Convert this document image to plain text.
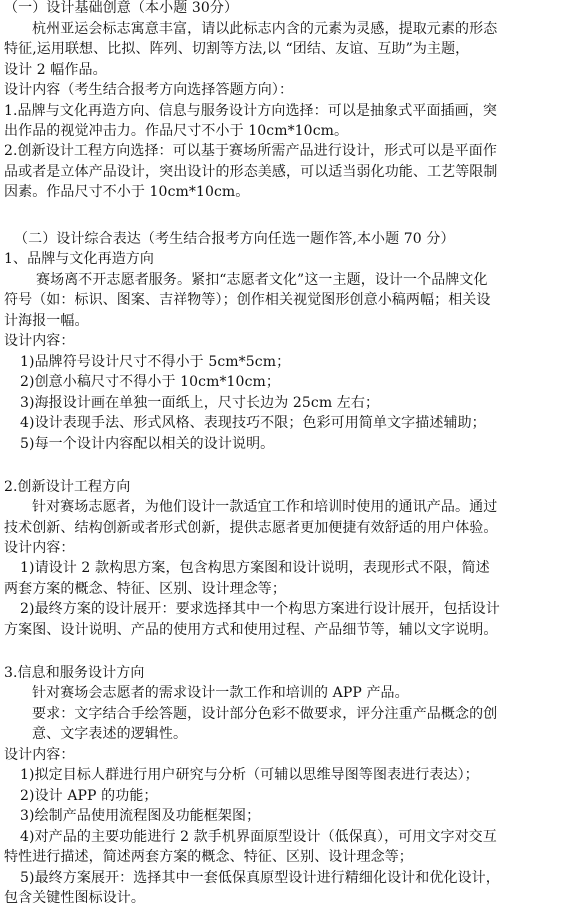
（一）设计基础创意（本小题 30分）
杭州亚运会标志寓意丰富，请以此标志内含的元素为灵感，提取元素的形态
特征,运用联想、比拟、阵列、切割等方法,以 “团结、友谊、互助”为主题，
设计 2 幅作品。
设计内容（考生结合报考方向选择答题方向）：
1.品牌与文化再造方向、信息与服务设计方向选择：可以是抽象式平面插画，突
出作品的视觉冲击力。作品尺寸不小于 10cm*10cm。
2.创新设计工程方向选择：可以基于赛场所需产品进行设计，形式可以是平面作
品或者是立体产品设计，突出设计的形态美感，可以适当弱化功能、工艺等限制
因素。作品尺寸不小于 10cm*10cm。
（二）设计综合表达（考生结合报考方向任选一题作答,本小题 70 分）
1、品牌与文化再造方向
赛场离不开志愿者服务。紧扣“志愿者文化”这一主题，设计一个品牌文化
符号（如：标识、图案、吉祥物等）；创作相关视觉图形创意小稿两幅；相关设
计海报一幅。
设计内容：
1)品牌符号设计尺寸不得小于 5cm*5cm；
2)创意小稿尺寸不得小于 10cm*10cm；
3)海报设计画在单独一面纸上，尺寸长边为 25cm 左右；
4)设计表现手法、形式风格、表现技巧不限；色彩可用简单文字描述辅助；
5)每一个设计内容配以相关的设计说明。
2.创新设计工程方向
针对赛场志愿者，为他们设计一款适宜工作和培训时使用的通讯产品。通过
技术创新、结构创新或者形式创新，提供志愿者更加便捷有效舒适的用户体验。
设计内容：
1)请设计 2 款构思方案，包含构思方案图和设计说明，表现形式不限，简述
两套方案的概念、特征、区别、设计理念等；
2)最终方案的设计展开：要求选择其中一个构思方案进行设计展开，包括设计
方案图、设计说明、产品的使用方式和使用过程、产品细节等，辅以文字说明。
3.信息和服务设计方向
针对赛场会志愿者的需求设计一款工作和培训的 APP 产品。
要求：文字结合手绘答题，设计部分色彩不做要求，评分注重产品概念的创
意、文字表述的逻辑性。
设计内容：
1)拟定目标人群进行用户研究与分析（可辅以思维导图等图表进行表达）；
2)设计 APP 的功能；
3)绘制产品使用流程图及功能框架图；
4)对产品的主要功能进行 2 款手机界面原型设计（低保真），可用文字对交互
特性进行描述，简述两套方案的概念、特征、区别、设计理念等；
5)最终方案展开：选择其中一套低保真原型设计进行精细化设计和优化设计，
包含关键性图标设计。
